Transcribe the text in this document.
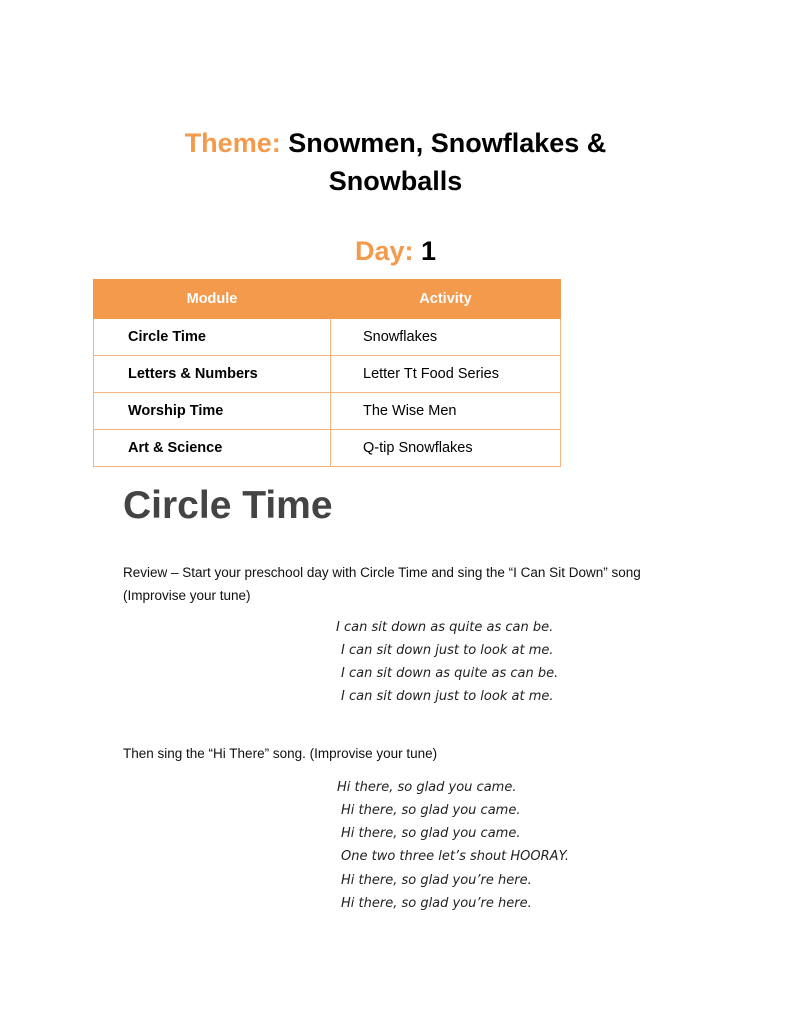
Theme: Snowmen, Snowflakes &
Snowballs
Day: 1
Module	Activity
Circle Time	Snowflakes
Letters & Numbers	Letter Tt Food Series
Worship Time	The Wise Men
Art & Science	Q-tip Snowflakes
Circle Time
Review – Start your preschool day with Circle Time and sing the “I Can Sit Down” song
(Improvise your tune)
I can sit down as quite as can be.
I can sit down just to look at me.
I can sit down as quite as can be.
I can sit down just to look at me.
Then sing the “Hi There” song. (Improvise your tune)
Hi there, so glad you came.
Hi there, so glad you came.
Hi there, so glad you came.
One two three let’s shout HOORAY.
Hi there, so glad you’re here.
Hi there, so glad you’re here.
